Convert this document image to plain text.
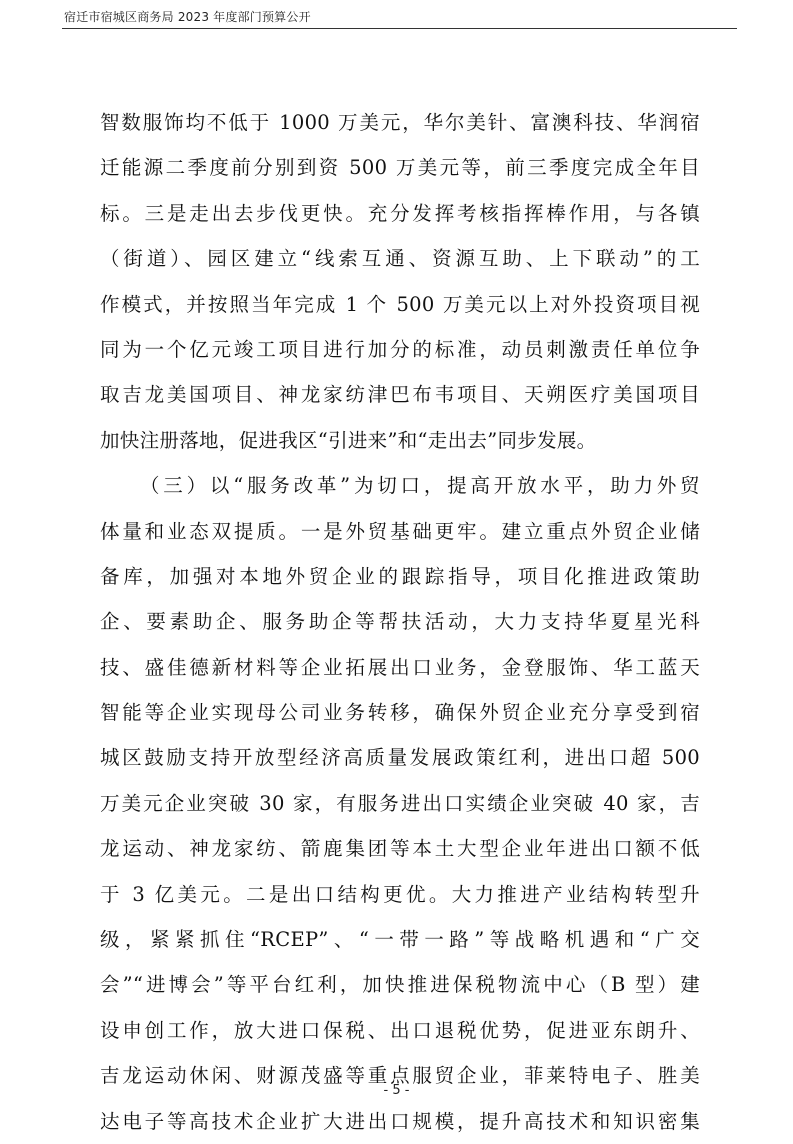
宿迁市宿城区商务局 2023 年度部门预算公开
智数服饰均不低于 1000 万美元，华尔美针、富澳科技、华润宿
迁能源二季度前分别到资 500 万美元等，前三季度完成全年目
标。三是走出去步伐更快。充分发挥考核指挥棒作用，与各镇
（街道）、园区建立“线索互通、资源互助、上下联动”的工
作模式，并按照当年完成 1 个 500 万美元以上对外投资项目视
同为一个亿元竣工项目进行加分的标准，动员刺激责任单位争
取吉龙美国项目、神龙家纺津巴布韦项目、天朔医疗美国项目
加快注册落地，促进我区“引进来”和“走出去”同步发展。
（三）以“服务改革”为切口，提高开放水平，助力外贸
体量和业态双提质。一是外贸基础更牢。建立重点外贸企业储
备库，加强对本地外贸企业的跟踪指导，项目化推进政策助
企、要素助企、服务助企等帮扶活动，大力支持华夏星光科
技、盛佳德新材料等企业拓展出口业务，金登服饰、华工蓝天
智能等企业实现母公司业务转移，确保外贸企业充分享受到宿
城区鼓励支持开放型经济高质量发展政策红利，进出口超 500
万美元企业突破 30 家，有服务进出口实绩企业突破 40 家，吉
龙运动、神龙家纺、箭鹿集团等本土大型企业年进出口额不低
于 3 亿美元。二是出口结构更优。大力推进产业结构转型升
级，紧紧抓住“RCEP”、“一带一路”等战略机遇和“广交
会”“进博会”等平台红利，加快推进保税物流中心（B 型）建
设申创工作，放大进口保税、出口退税优势，促进亚东朗升、
吉龙运动休闲、财源茂盛等重点服贸企业，菲莱特电子、胜美
达电子等高技术企业扩大进出口规模，提升高技术和知识密集
- 5 -
